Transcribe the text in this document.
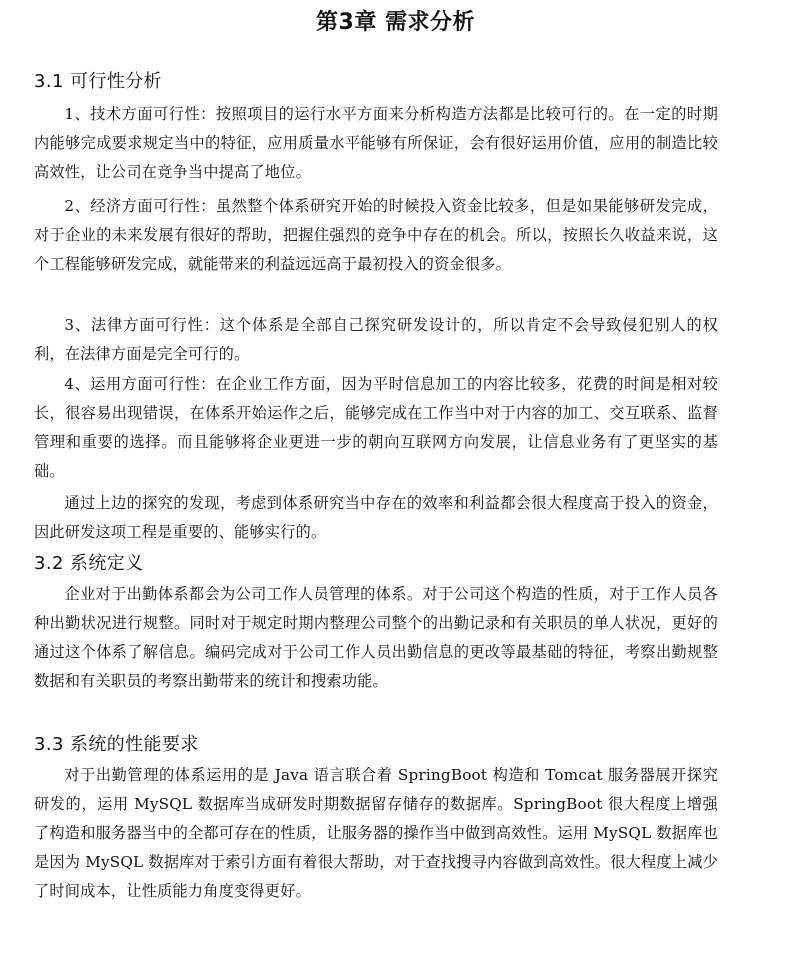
第3章 需求分析
3.1 可行性分析

1、技术方面可行性：按照项目的运行水平方面来分析构造方法都是比较可行的。在一定的时期内能够完成要求规定当中的特征，应用质量水平能够有所保证，会有很好运用价值，应用的制造比较高效性，让公司在竞争当中提高了地位。

2、经济方面可行性：虽然整个体系研究开始的时候投入资金比较多，但是如果能够研发完成，对于企业的未来发展有很好的帮助，把握住强烈的竞争中存在的机会。所以，按照长久收益来说，这个工程能够研发完成，就能带来的利益远远高于最初投入的资金很多。

3、法律方面可行性：这个体系是全部自己探究研发设计的，所以肯定不会导致侵犯别人的权利，在法律方面是完全可行的。

4、运用方面可行性：在企业工作方面，因为平时信息加工的内容比较多，花费的时间是相对较长，很容易出现错误，在体系开始运作之后，能够完成在工作当中对于内容的加工、交互联系、监督管理和重要的选择。而且能够将企业更进一步的朝向互联网方向发展，让信息业务有了更坚实的基础。

通过上边的探究的发现，考虑到体系研究当中存在的效率和利益都会很大程度高于投入的资金，因此研发这项工程是重要的、能够实行的。

3.2 系统定义

企业对于出勤体系都会为公司工作人员管理的体系。对于公司这个构造的性质，对于工作人员各种出勤状况进行规整。同时对于规定时期内整理公司整个的出勤记录和有关职员的单人状况，更好的通过这个体系了解信息。编码完成对于公司工作人员出勤信息的更改等最基础的特征，考察出勤规整数据和有关职员的考察出勤带来的统计和搜索功能。

3.3 系统的性能要求

对于出勤管理的体系运用的是 Java 语言联合着 SpringBoot 构造和 Tomcat 服务器展开探究研发的，运用 MySQL 数据库当成研发时期数据留存储存的数据库。SpringBoot 很大程度上增强了构造和服务器当中的全都可存在的性质，让服务器的操作当中做到高效性。运用 MySQL 数据库也是因为 MySQL 数据库对于索引方面有着很大帮助，对于查找搜寻内容做到高效性。很大程度上减少了时间成本，让性质能力角度变得更好。
